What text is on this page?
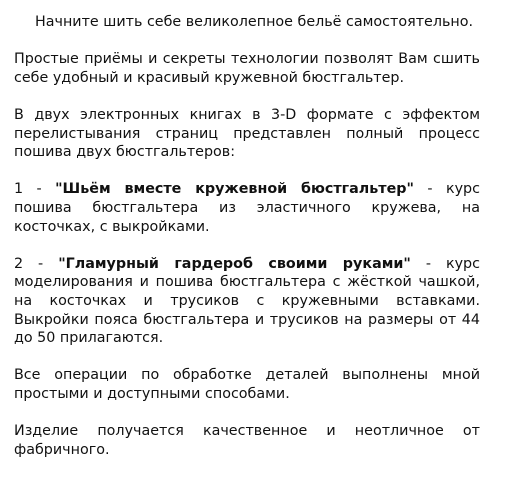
Начните шить себе великолепное бельё самостоятельно.

Простые приёмы и секреты технологии позволят Вам сшить себе удобный и красивый кружевной бюстгальтер.

В двух электронных книгах в 3-D формате с эффектом перелистывания страниц представлен полный процесс пошива двух бюстгальтеров:

1 - "Шьём вместе кружевной бюстгальтер" - курс пошива бюстгальтера из эластичного кружева, на косточках, с выкройками.

2 - "Гламурный гардероб своими руками" - курс моделирования и пошива бюстгальтера с жёсткой чашкой, на косточках и трусиков с кружевными вставками. Выкройки пояса бюстгальтера и трусиков на размеры от 44 до 50 прилагаются.

Все операции по обработке деталей выполнены мной простыми и доступными способами.

Изделие получается качественное и неотличное от фабричного.
